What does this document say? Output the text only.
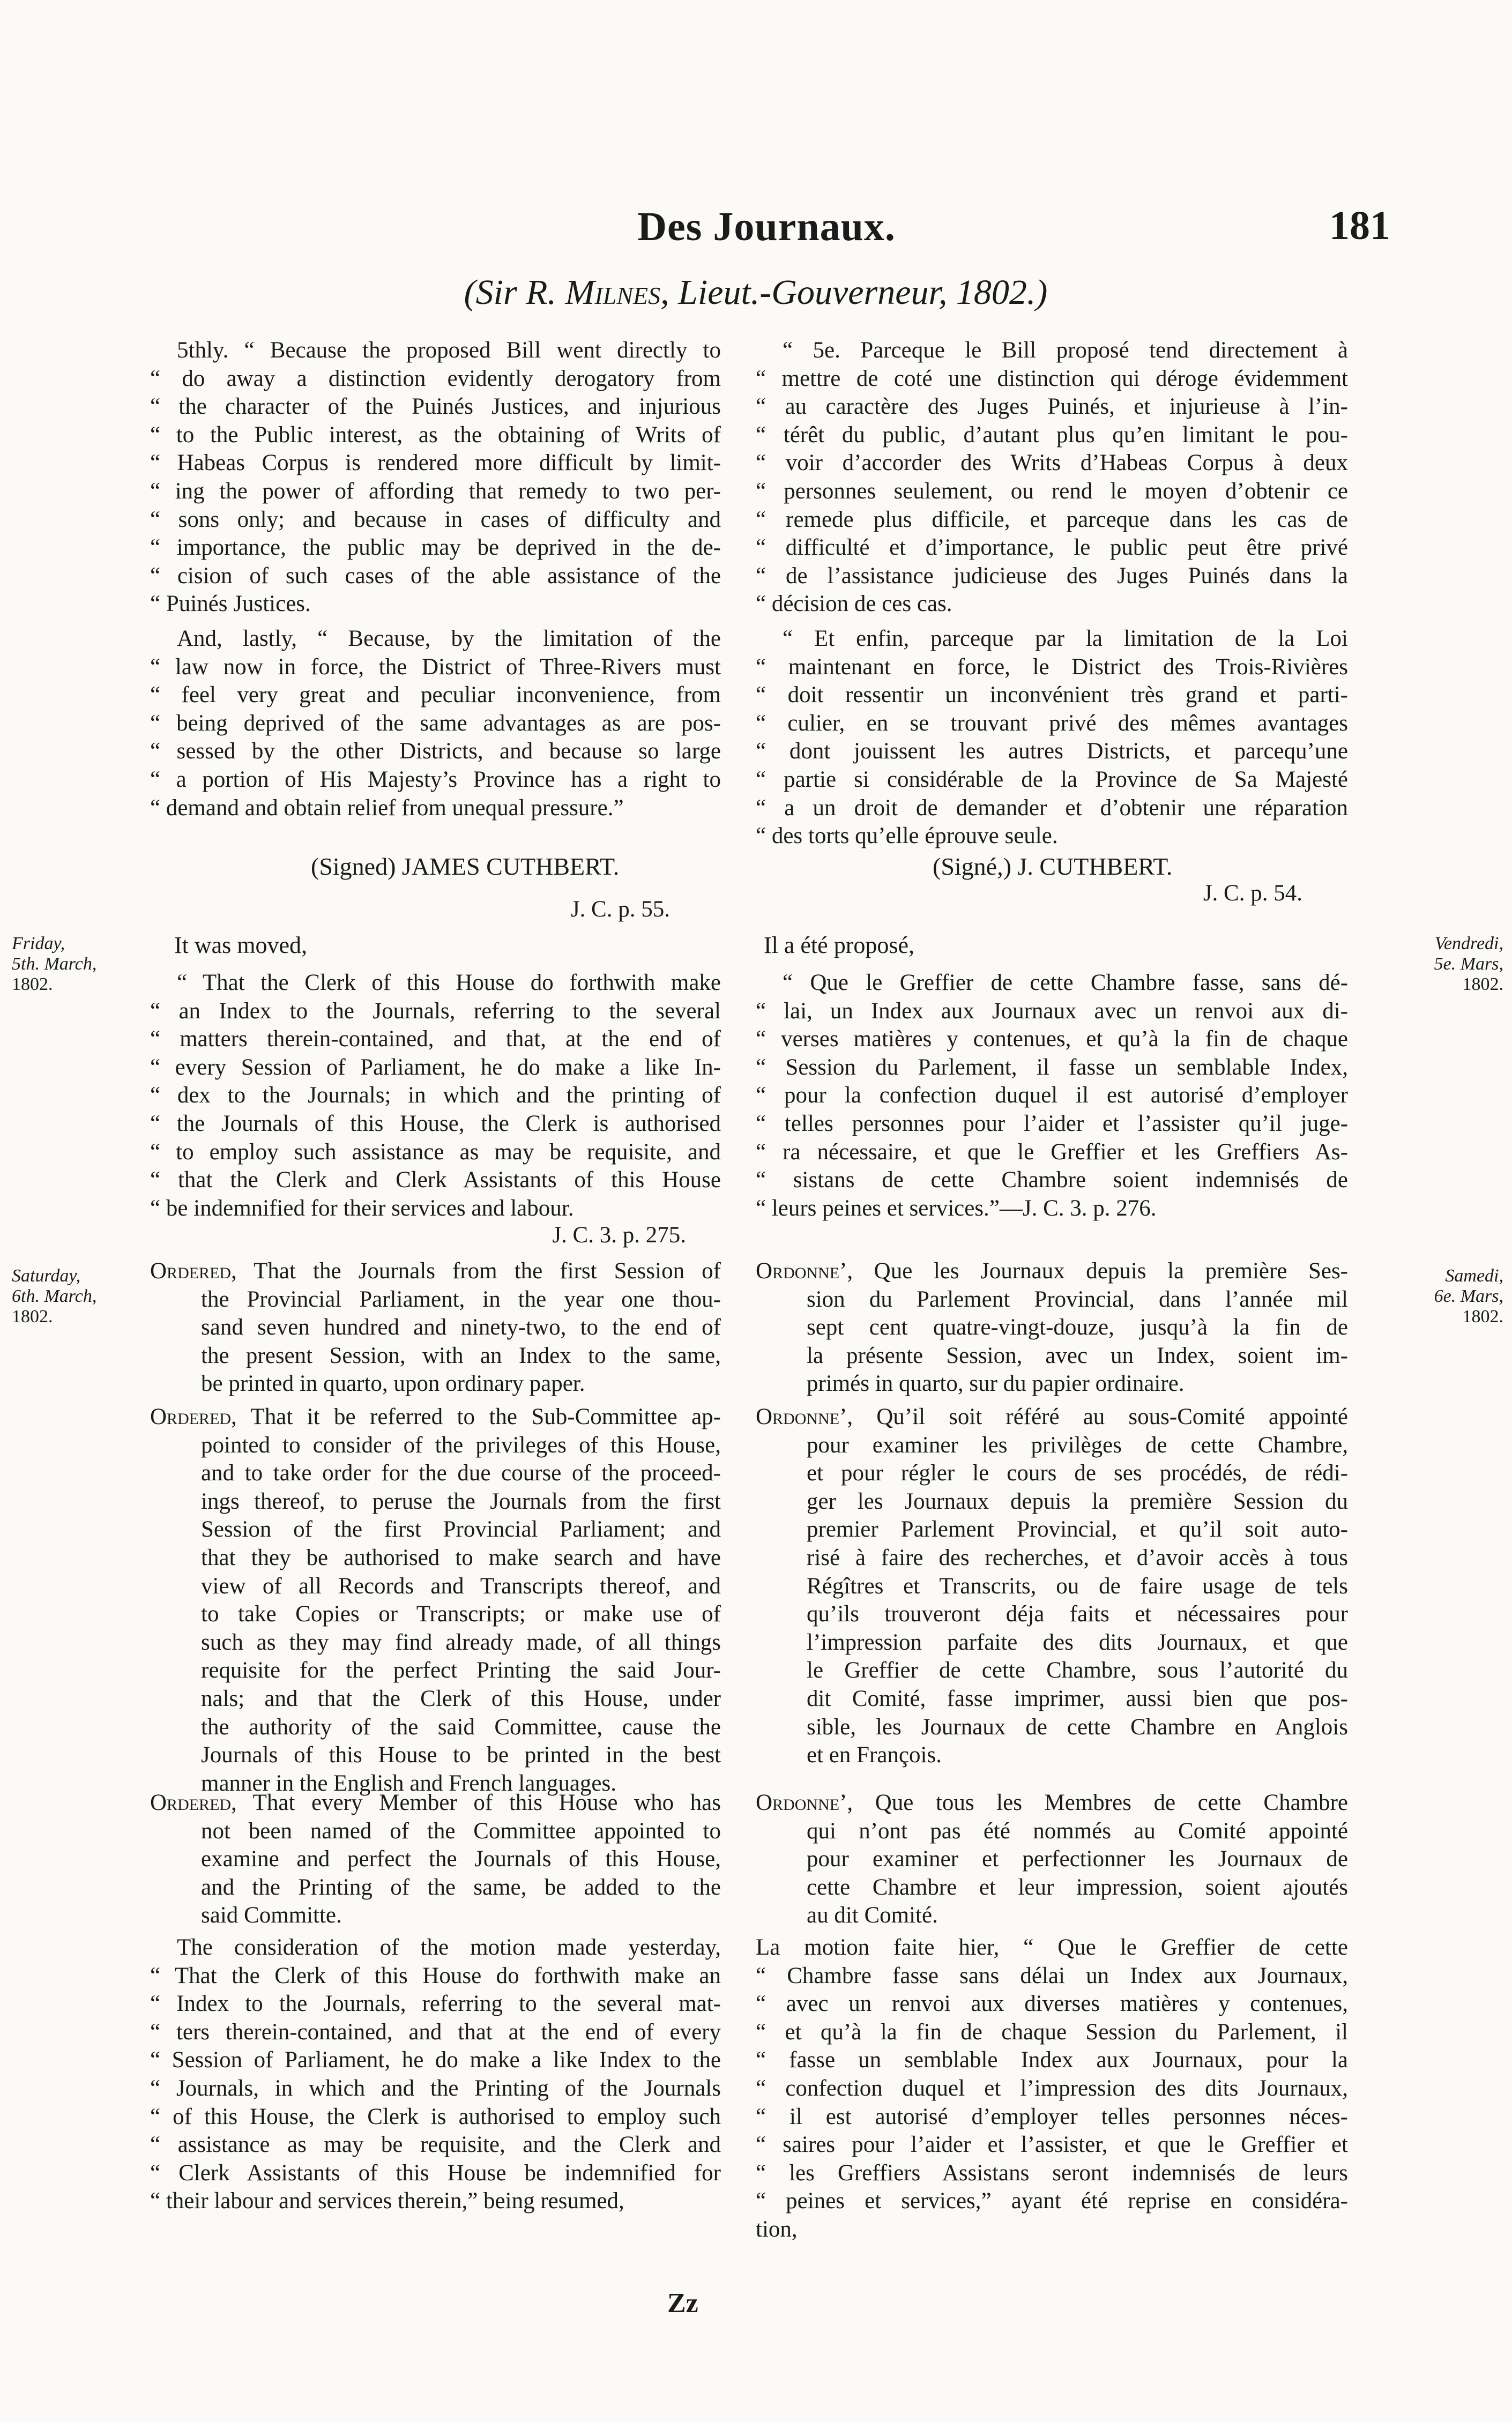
Des Journaux.	181
(Sir R. Milnes, Lieut.-Gouverneur, 1802.)
Friday,
5th. March,
1802.
Vendredi,
5e. Mars,
1802.
Saturday,
6th. March,
1802.
Samedi,
6e. Mars,
1802.
5thly. “ Because the proposed Bill went directly to
“ do away a distinction evidently derogatory from
“ the character of the Puinés Justices, and injurious
“ to the Public interest, as the obtaining of Writs of
“ Habeas Corpus is rendered more difficult by limit-
“ ing the power of affording that remedy to two per-
“ sons only; and because in cases of difficulty and
“ importance, the public may be deprived in the de-
“ cision of such cases of the able assistance of the
“ Puinés Justices.
And, lastly, “ Because, by the limitation of the
“ law now in force, the District of Three-Rivers must
“ feel very great and peculiar inconvenience, from
“ being deprived of the same advantages as are pos-
“ sessed by the other Districts, and because so large
“ a portion of His Majesty’s Province has a right to
“ demand and obtain relief from unequal pressure.”
(Signed) JAMES CUTHBERT.
J. C. p. 55.
It was moved,
“ That the Clerk of this House do forthwith make
“ an Index to the Journals, referring to the several
“ matters therein-contained, and that, at the end of
“ every Session of Parliament, he do make a like In-
“ dex to the Journals; in which and the printing of
“ the Journals of this House, the Clerk is authorised
“ to employ such assistance as may be requisite, and
“ that the Clerk and Clerk Assistants of this House
“ be indemnified for their services and labour.
J. C. 3. p. 275.
Ordered, That the Journals from the first Session of
the Provincial Parliament, in the year one thou-
sand seven hundred and ninety-two, to the end of
the present Session, with an Index to the same,
be printed in quarto, upon ordinary paper.
Ordered, That it be referred to the Sub-Committee ap-
pointed to consider of the privileges of this House,
and to take order for the due course of the proceed-
ings thereof, to peruse the Journals from the first
Session of the first Provincial Parliament; and
that they be authorised to make search and have
view of all Records and Transcripts thereof, and
to take Copies or Transcripts; or make use of
such as they may find already made, of all things
requisite for the perfect Printing the said Jour-
nals; and that the Clerk of this House, under
the authority of the said Committee, cause the
Journals of this House to be printed in the best
manner in the English and French languages.
Ordered, That every Member of this House who has
not been named of the Committee appointed to
examine and perfect the Journals of this House,
and the Printing of the same, be added to the
said Committe.
The consideration of the motion made yesterday,
“ That the Clerk of this House do forthwith make an
“ Index to the Journals, referring to the several mat-
“ ters therein-contained, and that at the end of every
“ Session of Parliament, he do make a like Index to the
“ Journals, in which and the Printing of the Journals
“ of this House, the Clerk is authorised to employ such
“ assistance as may be requisite, and the Clerk and
“ Clerk Assistants of this House be indemnified for
“ their labour and services therein,” being resumed,
“ 5e. Parceque le Bill proposé tend directement à
“ mettre de coté une distinction qui déroge évidemment
“ au caractère des Juges Puinés, et injurieuse à l’in-
“ térêt du public, d’autant plus qu’en limitant le pou-
“ voir d’accorder des Writs d’Habeas Corpus à deux
“ personnes seulement, ou rend le moyen d’obtenir ce
“ remede plus difficile, et parceque dans les cas de
“ difficulté et d’importance, le public peut être privé
“ de l’assistance judicieuse des Juges Puinés dans la
“ décision de ces cas.
“ Et enfin, parceque par la limitation de la Loi
“ maintenant en force, le District des Trois-Rivières
“ doit ressentir un inconvénient très grand et parti-
“ culier, en se trouvant privé des mêmes avantages
“ dont jouissent les autres Districts, et parcequ’une
“ partie si considérable de la Province de Sa Majesté
“ a un droit de demander et d’obtenir une réparation
“ des torts qu’elle éprouve seule.
(Signé,) J. CUTHBERT.
J. C. p. 54.
Il a été proposé,
“ Que le Greffier de cette Chambre fasse, sans dé-
“ lai, un Index aux Journaux avec un renvoi aux di-
“ verses matières y contenues, et qu’à la fin de chaque
“ Session du Parlement, il fasse un semblable Index,
“ pour la confection duquel il est autorisé d’employer
“ telles personnes pour l’aider et l’assister qu’il juge-
“ ra nécessaire, et que le Greffier et les Greffiers As-
“ sistans de cette Chambre soient indemnisés de
“ leurs peines et services.”—J. C. 3. p. 276.
Ordonne’, Que les Journaux depuis la première Ses-
sion du Parlement Provincial, dans l’année mil
sept cent quatre-vingt-douze, jusqu’à la fin de
la présente Session, avec un Index, soient im-
primés in quarto, sur du papier ordinaire.
Ordonne’, Qu’il soit référé au sous-Comité appointé
pour examiner les privilèges de cette Chambre,
et pour régler le cours de ses procédés, de rédi-
ger les Journaux depuis la première Session du
premier Parlement Provincial, et qu’il soit auto-
risé à faire des recherches, et d’avoir accès à tous
Régîtres et Transcrits, ou de faire usage de tels
qu’ils trouveront déja faits et nécessaires pour
l’impression parfaite des dits Journaux, et que
le Greffier de cette Chambre, sous l’autorité du
dit Comité, fasse imprimer, aussi bien que pos-
sible, les Journaux de cette Chambre en Anglois
et en François.
Ordonne’, Que tous les Membres de cette Chambre
qui n’ont pas été nommés au Comité appointé
pour examiner et perfectionner les Journaux de
cette Chambre et leur impression, soient ajoutés
au dit Comité.
La motion faite hier, “ Que le Greffier de cette
“ Chambre fasse sans délai un Index aux Journaux,
“ avec un renvoi aux diverses matières y contenues,
“ et qu’à la fin de chaque Session du Parlement, il
“ fasse un semblable Index aux Journaux, pour la
“ confection duquel et l’impression des dits Journaux,
“ il est autorisé d’employer telles personnes néces-
“ saires pour l’aider et l’assister, et que le Greffier et
“ les Greffiers Assistans seront indemnisés de leurs
“ peines et services,” ayant été reprise en considéra-
tion,
Zz
